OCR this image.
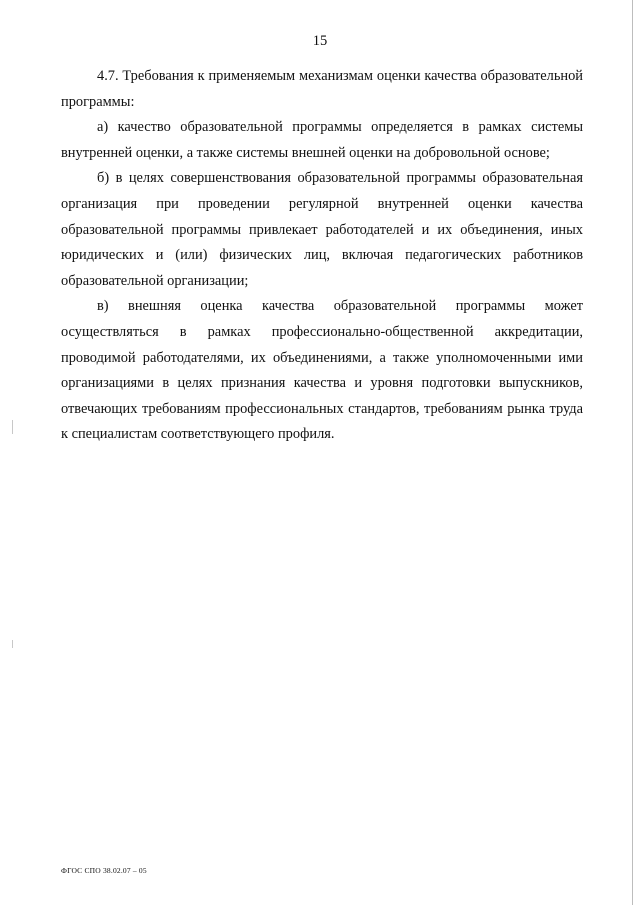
15

4.7. Требования к применяемым механизмам оценки качества образовательной программы:

а) качество образовательной программы определяется в рамках системы внутренней оценки, а также системы внешней оценки на добровольной основе;

б) в целях совершенствования образовательной программы образовательная организация при проведении регулярной внутренней оценки качества образовательной программы привлекает работодателей и их объединения, иных юридических и (или) физических лиц, включая педагогических работников образовательной организации;

в) внешняя оценка качества образовательной программы может осуществляться в рамках профессионально-общественной аккредитации, проводимой работодателями, их объединениями, а также уполномоченными ими организациями в целях признания качества и уровня подготовки выпускников, отвечающих требованиям профессиональных стандартов, требованиям рынка труда к специалистам соответствующего профиля.

ФГОС СПО 38.02.07 – 05
